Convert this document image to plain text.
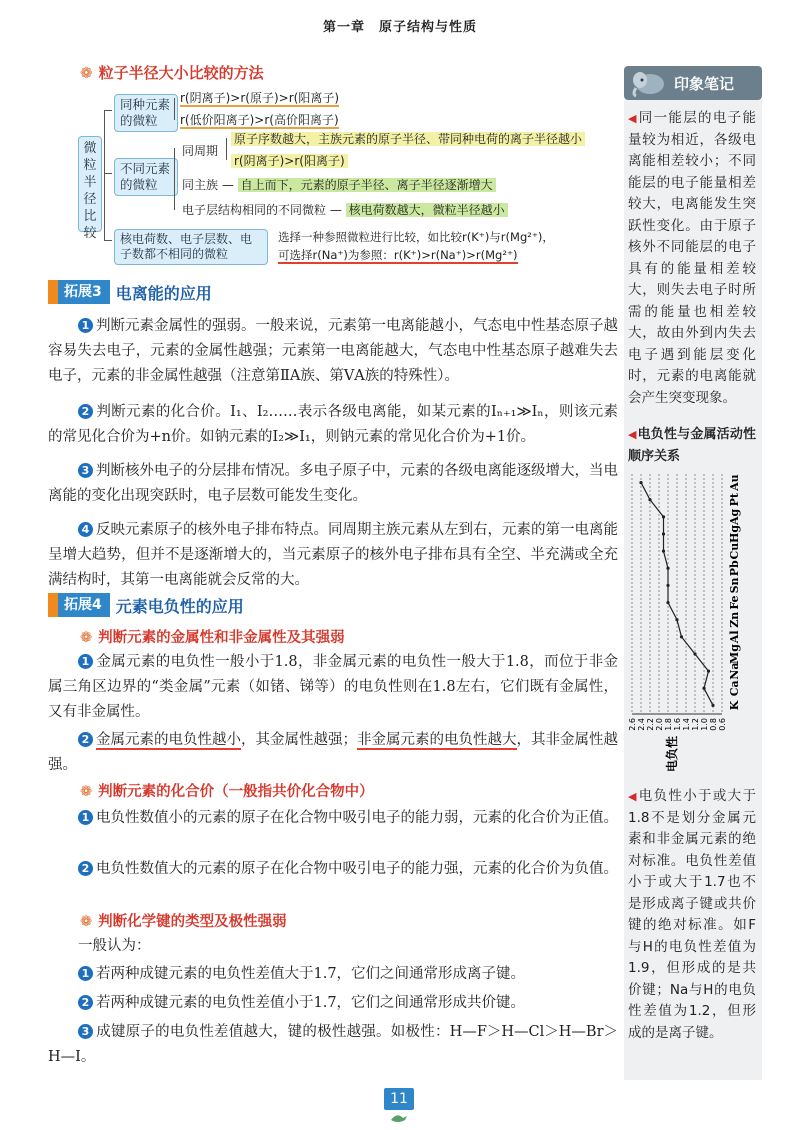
第一章　原子结构与性质
❁ 粒子半径大小比较的方法
微
粒
半
径
比
较
同种元素的微粒
r(阴离子)>r(原子)>r(阳离子)
r(低价阳离子)>r(高价阳离子)
不同元素的微粒
同周期
原子序数越大，主族元素的原子半径、带同种电荷的离子半径越小
r(阴离子)>r(阳离子)
同主族 — 自上而下，元素的原子半径、离子半径逐渐增大
电子层结构相同的不同微粒 — 核电荷数越大，微粒半径越小
核电荷数、电子层数、电子数都不相同的微粒
选择一种参照微粒进行比较，如比较r(K⁺)与r(Mg²⁺)，
可选择r(Na⁺)为参照：r(K⁺)>r(Na⁺)>r(Mg²⁺)
拓展3 电离能的应用
1 判断元素金属性的强弱。一般来说，元素第一电离能越小，气态电中性基态原子越容易失去电子，元素的金属性越强；元素第一电离能越大，气态电中性基态原子越难失去电子，元素的非金属性越强（注意第ⅡA族、第ⅤA族的特殊性）。
2 判断元素的化合价。I₁、I₂……表示各级电离能，如某元素的Iₙ₊₁≫Iₙ，则该元素的常见化合价为+n价。如钠元素的I₂≫I₁，则钠元素的常见化合价为+1价。
3 判断核外电子的分层排布情况。多电子原子中，元素的各级电离能逐级增大，当电离能的变化出现突跃时，电子层数可能发生变化。
4 反映元素原子的核外电子排布特点。同周期主族元素从左到右，元素的第一电离能呈增大趋势，但并不是逐渐增大的，当元素原子的核外电子排布具有全空、半充满或全充满结构时，其第一电离能就会反常的大。
拓展4 元素电负性的应用
❁ 判断元素的金属性和非金属性及其强弱
1 金属元素的电负性一般小于1.8，非金属元素的电负性一般大于1.8，而位于非金属三角区边界的“类金属”元素（如锗、锑等）的电负性则在1.8左右，它们既有金属性，又有非金属性。
2 金属元素的电负性越小，其金属性越强；非金属元素的电负性越大，其非金属性越强。
❁ 判断元素的化合价（一般指共价化合物中）
1 电负性数值小的元素的原子在化合物中吸引电子的能力弱，元素的化合价为正值。
2 电负性数值大的元素的原子在化合物中吸引电子的能力强，元素的化合价为负值。
❁ 判断化学键的类型及极性强弱
一般认为：
1 若两种成键元素的电负性差值大于1.7，它们之间通常形成离子键。
2 若两种成键元素的电负性差值小于1.7，它们之间通常形成共价键。
3 成键原子的电负性差值越大，键的极性越强。如极性：H—F＞H—Cl＞H—Br＞H—I。
印象笔记
◀同一能层的电子能量较为相近，各级电离能相差较小；不同能层的电子能量相差较大，电离能发生突跃性变化。由于原子核外不同能层的电子具有的能量相差较大，则失去电子时所需的能量也相差较大，故由外到内失去电子遇到能层变化时，元素的电离能就会产生突变现象。
◀电负性与金属活动性顺序关系
2.6 2.4 2.2 2.0 1.8 1.6 1.4 1.2 1.0 0.8 0.6
K
Ca
Na
Mg
Al
Zn
Fe
Sn
Pb
Cu
Hg
Ag
Pt
Au
电负性
◀电负性小于或大于1.8不是划分金属元素和非金属元素的绝对标准。电负性差值小于或大于1.7也不是形成离子键或共价键的绝对标准。如F与H的电负性差值为1.9，但形成的是共价键；Na与H的电负性差值为1.2，但形成的是离子键。
11
